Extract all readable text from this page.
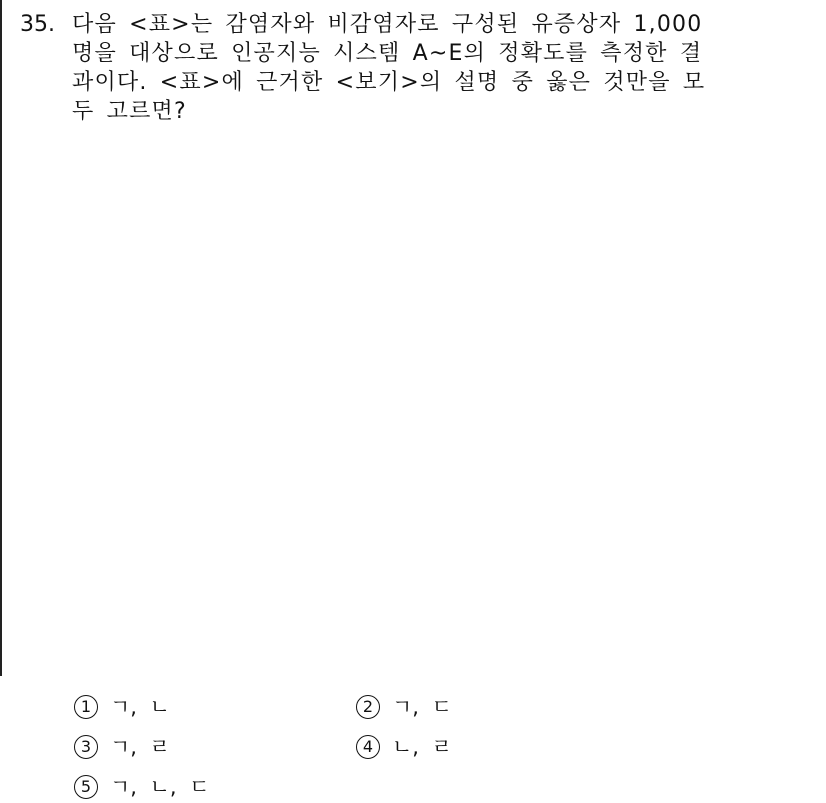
35. 다음 <표>는 감염자와 비감염자로 구성된 유증상자 1,000
명을 대상으로 인공지능 시스템 A~E의 정확도를 측정한 결
과이다. <표>에 근거한 <보기>의 설명 중 옳은 것만을 모
두 고르면?
1 ㄱ, ㄴ	2 ㄱ, ㄷ
3 ㄱ, ㄹ	4 ㄴ, ㄹ
5 ㄱ, ㄴ, ㄷ
